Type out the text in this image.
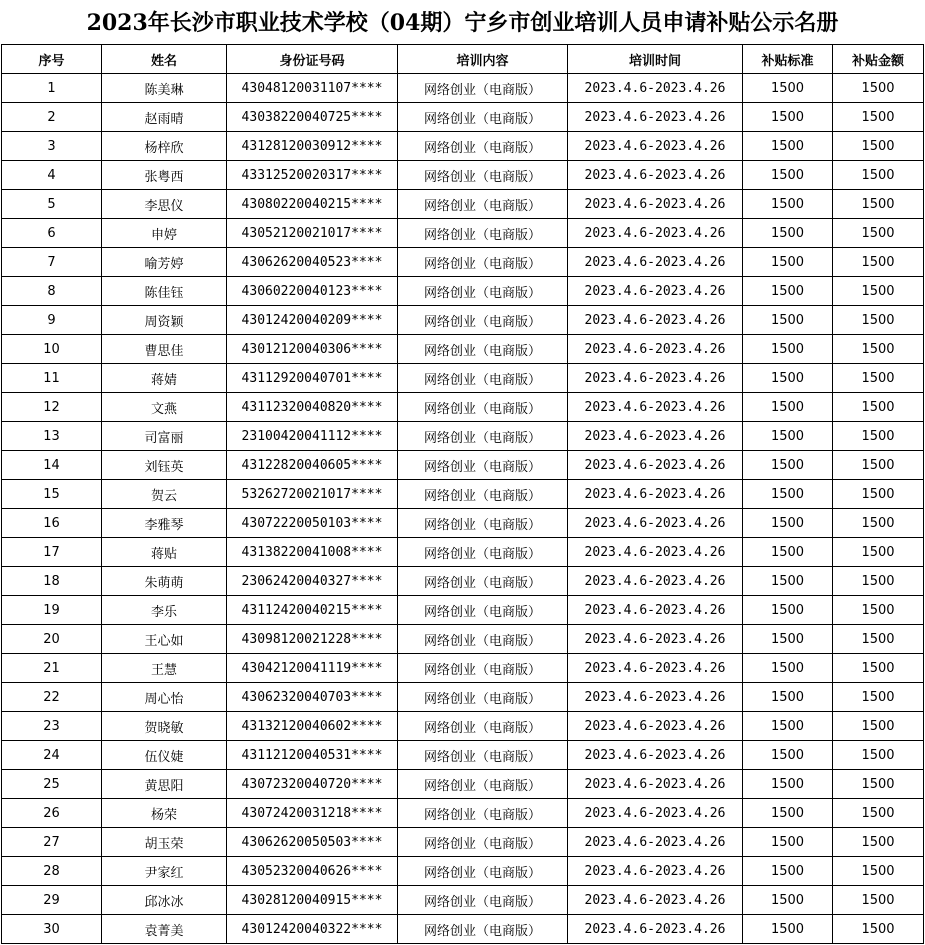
2023年长沙市职业技术学校（04期）宁乡市创业培训人员申请补贴公示名册
序号	姓名	身份证号码	培训内容	培训时间	补贴标准	补贴金额
1	陈美琳	43048120031107****	网络创业（电商版）	2023.4.6-2023.4.26	1500	1500
2	赵雨晴	43038220040725****	网络创业（电商版）	2023.4.6-2023.4.26	1500	1500
3	杨梓欣	43128120030912****	网络创业（电商版）	2023.4.6-2023.4.26	1500	1500
4	张粤西	43312520020317****	网络创业（电商版）	2023.4.6-2023.4.26	1500	1500
5	李思仪	43080220040215****	网络创业（电商版）	2023.4.6-2023.4.26	1500	1500
6	申婷	43052120021017****	网络创业（电商版）	2023.4.6-2023.4.26	1500	1500
7	喻芳婷	43062620040523****	网络创业（电商版）	2023.4.6-2023.4.26	1500	1500
8	陈佳钰	43060220040123****	网络创业（电商版）	2023.4.6-2023.4.26	1500	1500
9	周资颖	43012420040209****	网络创业（电商版）	2023.4.6-2023.4.26	1500	1500
10	曹思佳	43012120040306****	网络创业（电商版）	2023.4.6-2023.4.26	1500	1500
11	蒋婧	43112920040701****	网络创业（电商版）	2023.4.6-2023.4.26	1500	1500
12	文燕	43112320040820****	网络创业（电商版）	2023.4.6-2023.4.26	1500	1500
13	司富丽	23100420041112****	网络创业（电商版）	2023.4.6-2023.4.26	1500	1500
14	刘钰英	43122820040605****	网络创业（电商版）	2023.4.6-2023.4.26	1500	1500
15	贺云	53262720021017****	网络创业（电商版）	2023.4.6-2023.4.26	1500	1500
16	李雅琴	43072220050103****	网络创业（电商版）	2023.4.6-2023.4.26	1500	1500
17	蒋贴	43138220041008****	网络创业（电商版）	2023.4.6-2023.4.26	1500	1500
18	朱萌萌	23062420040327****	网络创业（电商版）	2023.4.6-2023.4.26	1500	1500
19	李乐	43112420040215****	网络创业（电商版）	2023.4.6-2023.4.26	1500	1500
20	王心如	43098120021228****	网络创业（电商版）	2023.4.6-2023.4.26	1500	1500
21	王慧	43042120041119****	网络创业（电商版）	2023.4.6-2023.4.26	1500	1500
22	周心怡	43062320040703****	网络创业（电商版）	2023.4.6-2023.4.26	1500	1500
23	贺晓敏	43132120040602****	网络创业（电商版）	2023.4.6-2023.4.26	1500	1500
24	伍仪婕	43112120040531****	网络创业（电商版）	2023.4.6-2023.4.26	1500	1500
25	黄思阳	43072320040720****	网络创业（电商版）	2023.4.6-2023.4.26	1500	1500
26	杨荣	43072420031218****	网络创业（电商版）	2023.4.6-2023.4.26	1500	1500
27	胡玉荣	43062620050503****	网络创业（电商版）	2023.4.6-2023.4.26	1500	1500
28	尹家红	43052320040626****	网络创业（电商版）	2023.4.6-2023.4.26	1500	1500
29	邱冰冰	43028120040915****	网络创业（电商版）	2023.4.6-2023.4.26	1500	1500
30	袁菁美	43012420040322****	网络创业（电商版）	2023.4.6-2023.4.26	1500	1500
